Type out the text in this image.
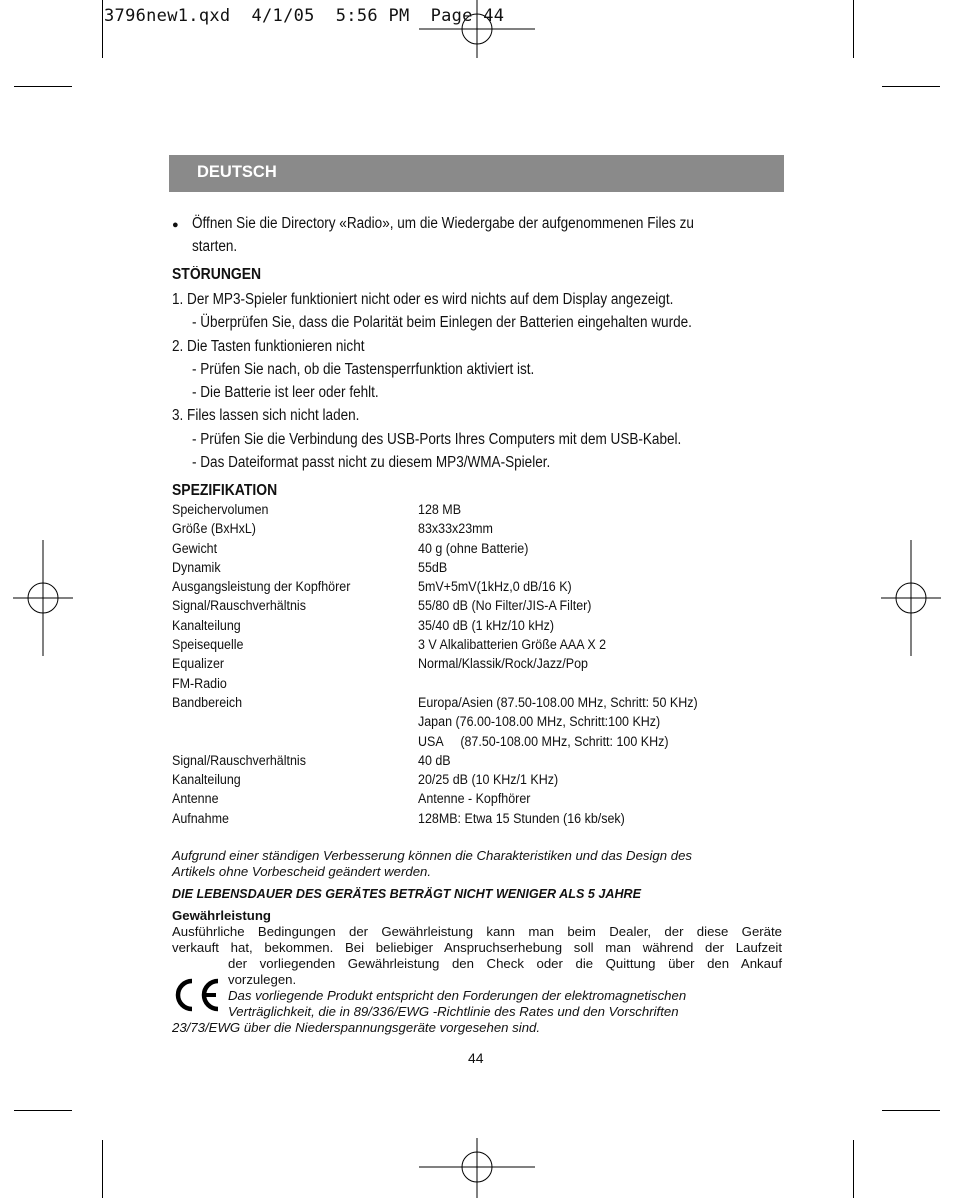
3796new1.qxd  4/1/05  5:56 PM  Page 44
DEUTSCH
● Öffnen Sie die Directory «Radio», um die Wiedergabe der aufgenommenen Files zu
starten.
STÖRUNGEN
1. Der MP3-Spieler funktioniert nicht oder es wird nichts auf dem Display angezeigt.
- Überprüfen Sie, dass die Polarität beim Einlegen der Batterien eingehalten wurde.
2. Die Tasten funktionieren nicht
- Prüfen Sie nach, ob die Tastensperrfunktion aktiviert ist.
- Die Batterie ist leer oder fehlt.
3. Files lassen sich nicht laden.
- Prüfen Sie die Verbindung des USB-Ports Ihres Computers mit dem USB-Kabel.
- Das Dateiformat passt nicht zu diesem MP3/WMA-Spieler.
SPEZIFIKATION
Speichervolumen	128 MB
Größe (BxHxL)	83x33x23mm
Gewicht	40 g (ohne Batterie)
Dynamik	55dB
Ausgangsleistung der Kopfhörer	5mV+5mV(1kHz,0 dB/16 K)
Signal/Rauschverhältnis	55/80 dB (No Filter/JIS-A Filter)
Kanalteilung	35/40 dB (1 kHz/10 kHz)
Speisequelle	3 V Alkalibatterien Größe AAA X 2
Equalizer	Normal/Klassik/Rock/Jazz/Pop
FM-Radio
Bandbereich	Europa/Asien (87.50-108.00 MHz, Schritt: 50 KHz)
Japan (76.00-108.00 MHz, Schritt:100 KHz)
USA     (87.50-108.00 MHz, Schritt: 100 KHz)
Signal/Rauschverhältnis	40 dB
Kanalteilung	20/25 dB (10 KHz/1 KHz)
Antenne	Antenne - Kopfhörer
Aufnahme	128MB: Etwa 15 Stunden (16 kb/sek)
Aufgrund einer ständigen Verbesserung können die Charakteristiken und das Design des
Artikels ohne Vorbescheid geändert werden.
DIE LEBENSDAUER DES GERÄTES BETRÄGT NICHT WENIGER ALS 5 JAHRE
Gewährleistung
Ausführliche Bedingungen der Gewährleistung kann man beim Dealer, der diese Geräte
verkauft hat, bekommen. Bei beliebiger Anspruchserhebung soll man während der Laufzeit
der vorliegenden Gewährleistung den Check oder die Quittung über den Ankauf
vorzulegen.
Das vorliegende Produkt entspricht den Forderungen der elektromagnetischen
Verträglichkeit, die in 89/336/EWG -Richtlinie des Rates und den Vorschriften
23/73/EWG über die Niederspannungsgeräte vorgesehen sind.
44
